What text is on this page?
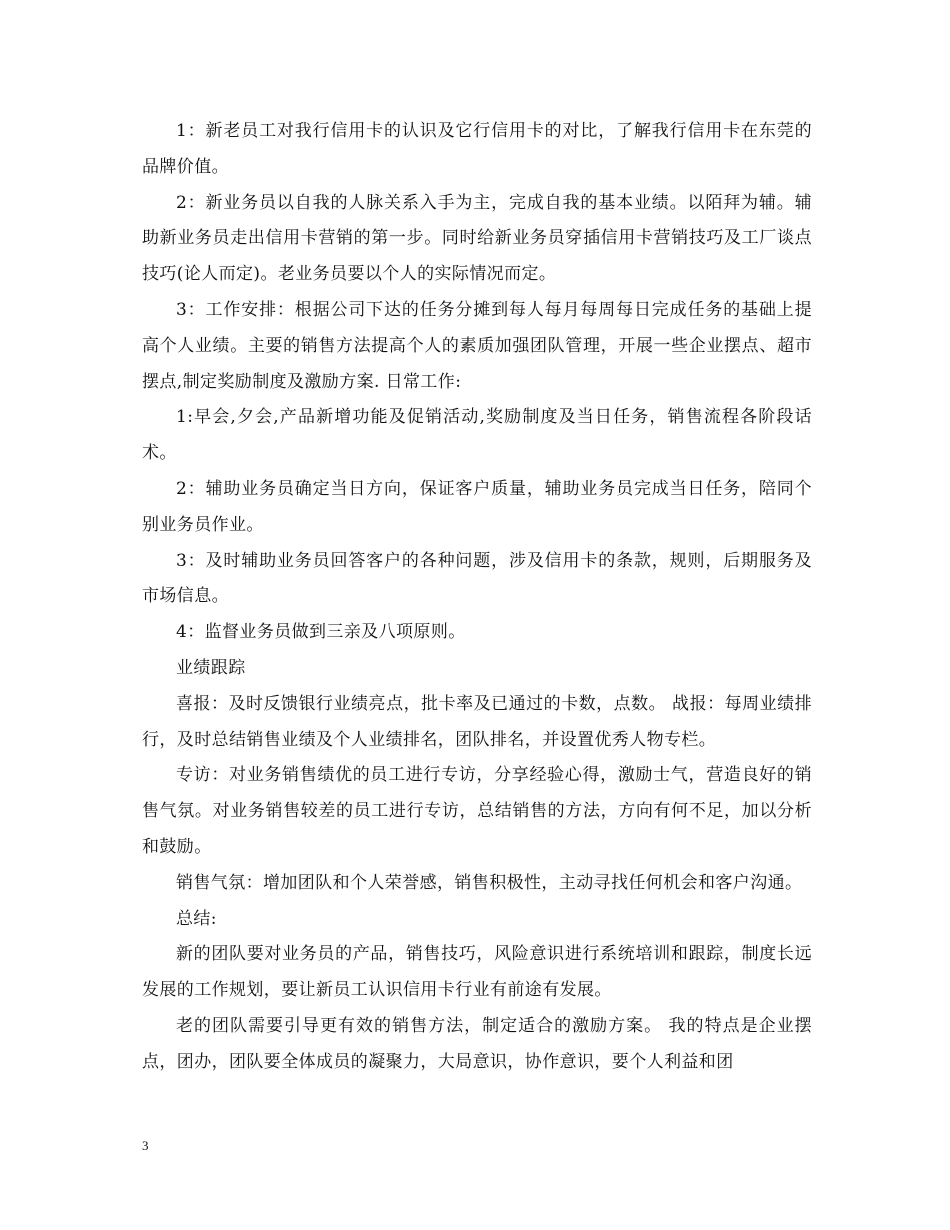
1：新老员工对我行信用卡的认识及它行信用卡的对比，了解我行信用卡在东莞的品牌价值。

2：新业务员以自我的人脉关系入手为主，完成自我的基本业绩。以陌拜为辅。辅助新业务员走出信用卡营销的第一步。同时给新业务员穿插信用卡营销技巧及工厂谈点技巧(论人而定)。老业务员要以个人的实际情况而定。

3：工作安排：根据公司下达的任务分摊到每人每月每周每日完成任务的基础上提高个人业绩。主要的销售方法提高个人的素质加强团队管理，开展一些企业摆点、超市摆点,制定奖励制度及激励方案. 日常工作:

1:早会,夕会,产品新增功能及促销活动,奖励制度及当日任务，销售流程各阶段话术。

2：辅助业务员确定当日方向，保证客户质量，辅助业务员完成当日任务，陪同个别业务员作业。

3：及时辅助业务员回答客户的各种问题，涉及信用卡的条款，规则，后期服务及市场信息。

4：监督业务员做到三亲及八项原则。

业绩跟踪

喜报：及时反馈银行业绩亮点，批卡率及已通过的卡数，点数。 战报：每周业绩排行，及时总结销售业绩及个人业绩排名，团队排名，并设置优秀人物专栏。

专访：对业务销售绩优的员工进行专访，分享经验心得，激励士气，营造良好的销售气氛。对业务销售较差的员工进行专访，总结销售的方法，方向有何不足，加以分析和鼓励。

销售气氛：增加团队和个人荣誉感，销售积极性，主动寻找任何机会和客户沟通。

总结:

新的团队要对业务员的产品，销售技巧，风险意识进行系统培训和跟踪，制度长远发展的工作规划，要让新员工认识信用卡行业有前途有发展。

老的团队需要引导更有效的销售方法，制定适合的激励方案。 我的特点是企业摆点，团办，团队要全体成员的凝聚力，大局意识，协作意识，要个人利益和团

3
